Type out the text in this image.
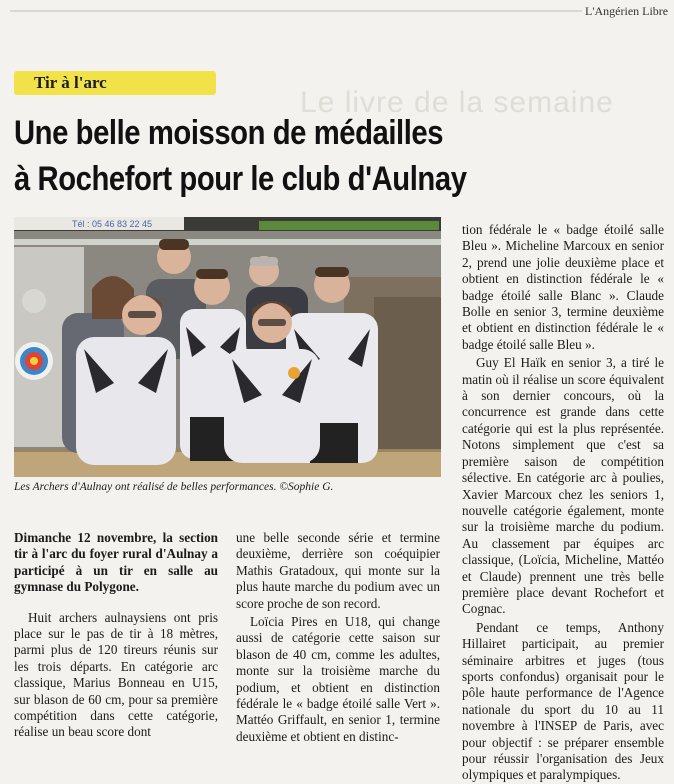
L'Angérien Libre
Le livre de la semaine
Tir à l'arc
Une belle moisson de médailles
à Rochefort pour le club d'Aulnay
Tél : 05 46 83 22 45
Les Archers d'Aulnay ont réalisé de belles performances. ©Sophie G.

Dimanche 12 novembre, la section tir à l'arc du foyer rural d'Aulnay a participé à un tir en salle au gymnase du Polygone.

Huit archers aulnaysiens ont pris place sur le pas de tir à 18 mètres, parmi plus de 120 tireurs réunis sur les trois départs. En catégorie arc classique, Marius Bonneau en U15, sur blason de 60 cm, pour sa première compétition dans cette catégorie, réalise un beau score dont

une belle seconde série et termine deuxième, derrière son coéquipier Mathis Gratadoux, qui monte sur la plus haute marche du podium avec un score proche de son record.

Loïcia Pires en U18, qui change aussi de catégorie cette saison sur blason de 40 cm, comme les adultes, monte sur la troisième marche du podium, et obtient en distinction fédérale le « badge étoilé salle Vert ». Mattéo Griffault, en senior 1, termine deuxième et obtient en distinc-

tion fédérale le « badge étoilé salle Bleu ». Micheline Marcoux en senior 2, prend une jolie deuxième place et obtient en distinction fédérale le « badge étoilé salle Blanc ». Claude Bolle en senior 3, termine deuxième et obtient en distinction fédérale le « badge étoilé salle Bleu ».

Guy El Haïk en senior 3, a tiré le matin où il réalise un score équivalent à son dernier concours, où la concurrence est grande dans cette catégorie qui est la plus représentée. Notons simplement que c'est sa première saison de compétition sélective. En catégorie arc à poulies, Xavier Marcoux chez les seniors 1, nouvelle catégorie également, monte sur la troisième marche du podium. Au classement par équipes arc classique, (Loïcia, Micheline, Mattéo et Claude) prennent une très belle première place devant Rochefort et Cognac.

Pendant ce temps, Anthony Hillairet participait, au premier séminaire arbitres et juges (tous sports confondus) organisait pour le pôle haute performance de l'Agence nationale du sport du 10 au 11 novembre à l'INSEP de Paris, avec pour objectif : se préparer ensemble pour réussir l'organisation des Jeux olympiques et paralympiques.
